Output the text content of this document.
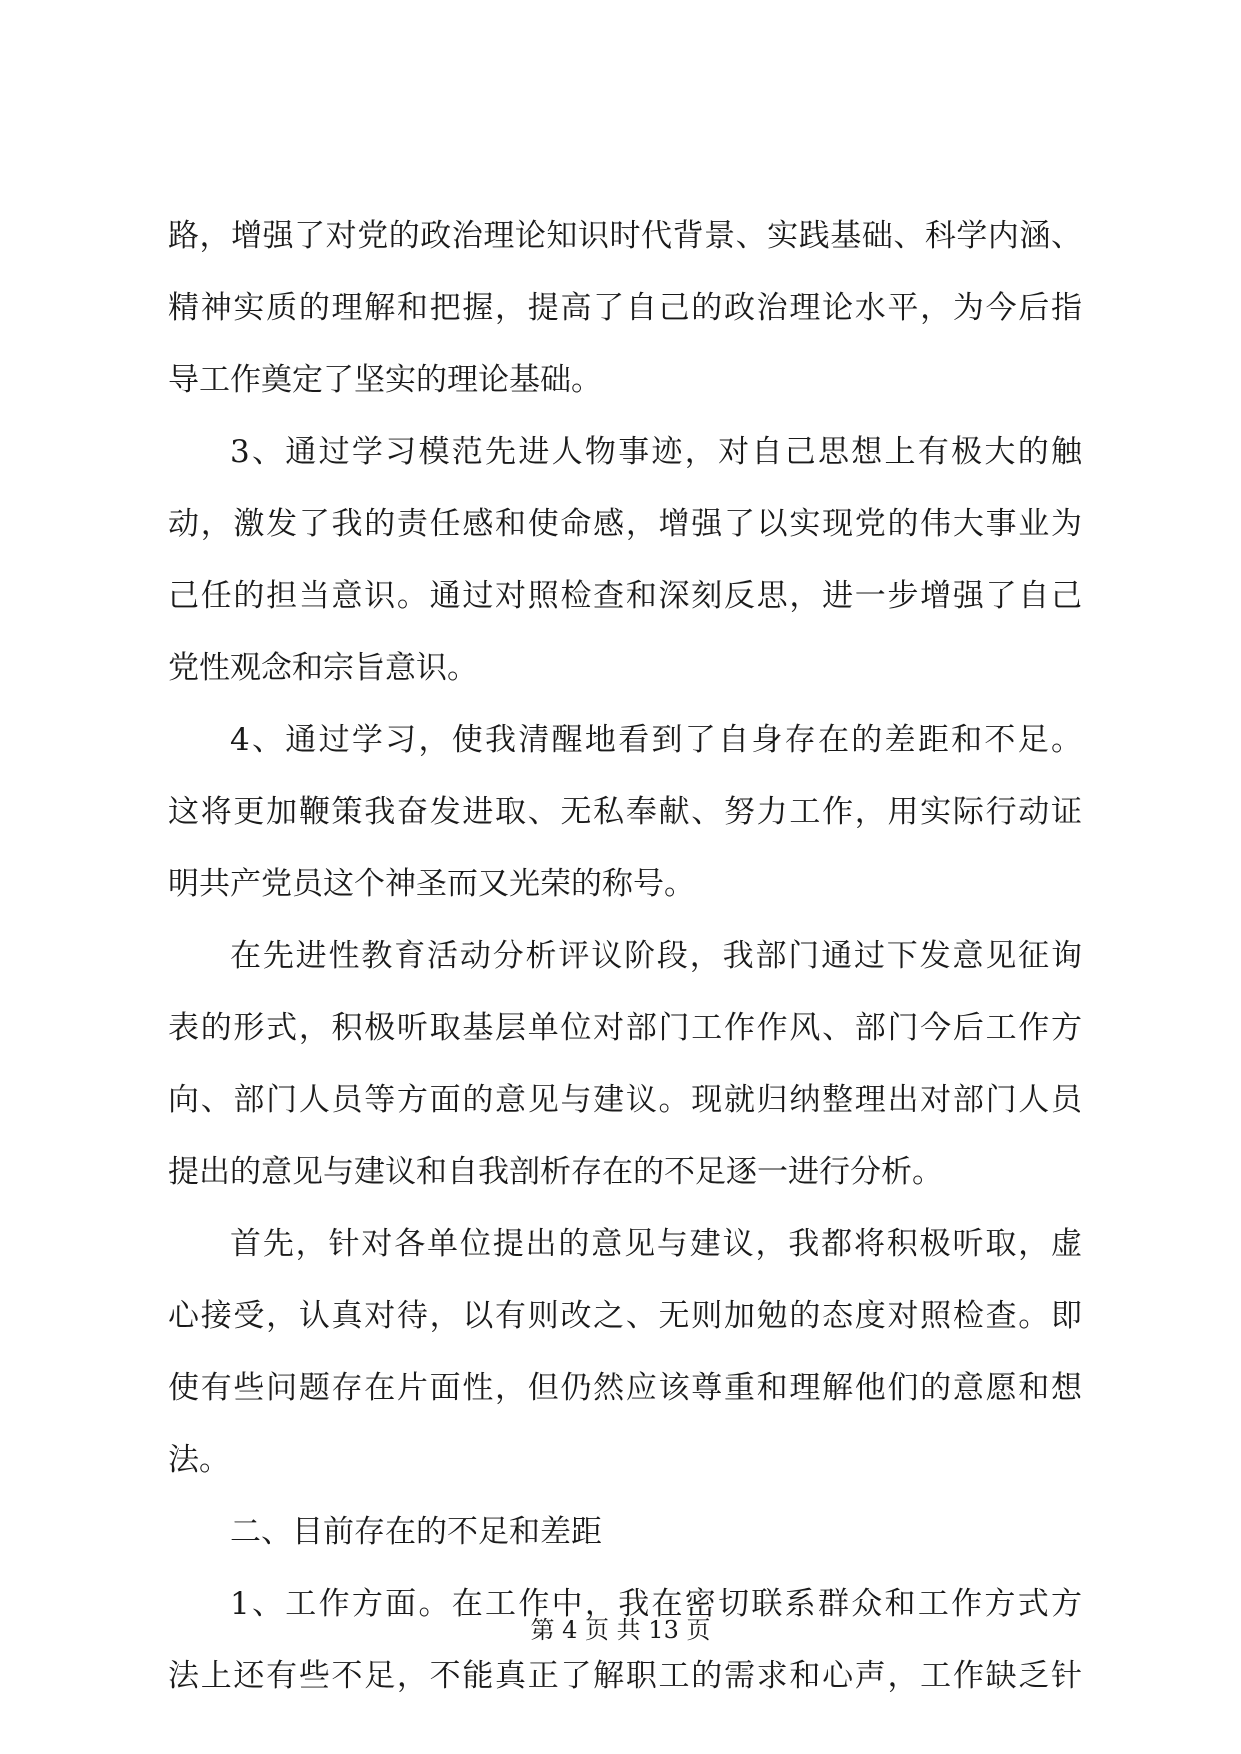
路，增强了对党的政治理论知识时代背景、实践基础、科学内涵、
精神实质的理解和把握，提高了自己的政治理论水平，为今后指
导工作奠定了坚实的理论基础。
3、通过学习模范先进人物事迹，对自己思想上有极大的触
动，激发了我的责任感和使命感，增强了以实现党的伟大事业为
己任的担当意识。通过对照检查和深刻反思，进一步增强了自己
党性观念和宗旨意识。
4、通过学习，使我清醒地看到了自身存在的差距和不足。
这将更加鞭策我奋发进取、无私奉献、努力工作，用实际行动证
明共产党员这个神圣而又光荣的称号。
在先进性教育活动分析评议阶段，我部门通过下发意见征询
表的形式，积极听取基层单位对部门工作作风、部门今后工作方
向、部门人员等方面的意见与建议。现就归纳整理出对部门人员
提出的意见与建议和自我剖析存在的不足逐一进行分析。
首先，针对各单位提出的意见与建议，我都将积极听取，虚
心接受，认真对待，以有则改之、无则加勉的态度对照检查。即
使有些问题存在片面性，但仍然应该尊重和理解他们的意愿和想
法。
二、目前存在的不足和差距
1、工作方面。在工作中，我在密切联系群众和工作方式方
法上还有些不足，不能真正了解职工的需求和心声，工作缺乏针
第 4 页 共 13 页
